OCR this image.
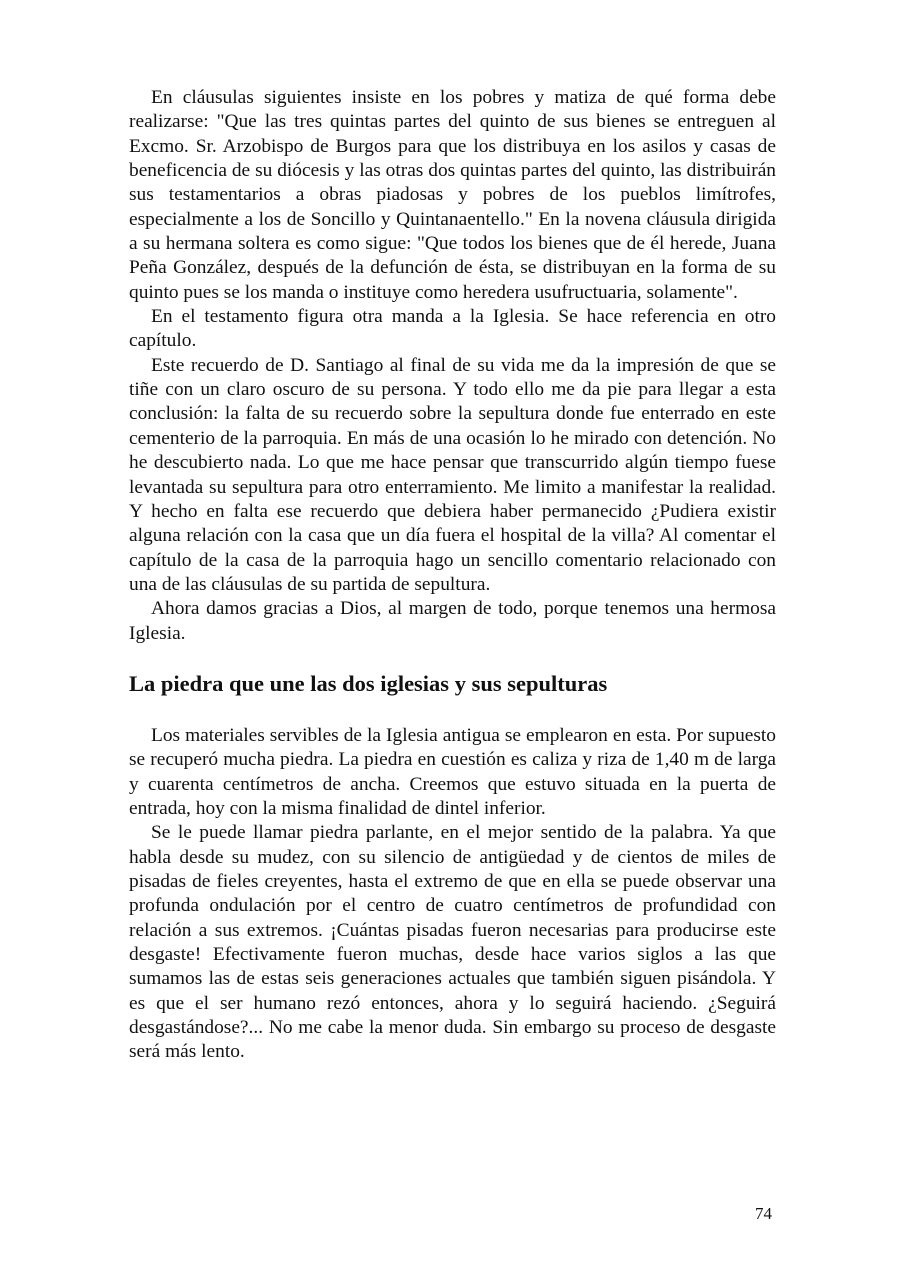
En cláusulas siguientes insiste en los pobres y matiza de qué forma debe realizarse: "Que las tres quintas partes del quinto de sus bienes se entreguen al Excmo. Sr. Arzobispo de Burgos para que los distribuya en los asilos y casas de beneficencia de su diócesis y las otras dos quintas partes del quinto, las distribuirán sus testamentarios a obras piadosas y pobres de los pueblos limítrofes, especialmente a los de Soncillo y Quintanaentello." En la novena cláusula dirigida a su hermana soltera es como sigue: "Que todos los bienes que de él herede, Juana Peña González, después de la defunción de ésta, se distribuyan en la forma de su quinto pues se los manda o instituye como heredera usufructuaria, solamente".

En el testamento figura otra manda a la Iglesia. Se hace referencia en otro capítulo.

Este recuerdo de D. Santiago al final de su vida me da la impresión de que se tiñe con un claro oscuro de su persona. Y todo ello me da pie para llegar a esta conclusión: la falta de su recuerdo sobre la sepultura donde fue enterrado en este cementerio de la parroquia. En más de una ocasión lo he mirado con detención. No he descubierto nada. Lo que me hace pensar que transcurrido algún tiempo fuese levantada su sepultura para otro enterramiento. Me limito a manifestar la realidad. Y hecho en falta ese recuerdo que debiera haber permanecido ¿Pudiera existir alguna relación con la casa que un día fuera el hospital de la villa? Al comentar el capítulo de la casa de la parroquia hago un sencillo comentario relacionado con una de las cláusulas de su partida de sepultura.

Ahora damos gracias a Dios, al margen de todo, porque tenemos una hermosa Iglesia.

La piedra que une las dos iglesias y sus sepulturas

Los materiales servibles de la Iglesia antigua se emplearon en esta. Por supuesto se recuperó mucha piedra. La piedra en cuestión es caliza y riza de 1,40 m de larga y cuarenta centímetros de ancha. Creemos que estuvo situada en la puerta de entrada, hoy con la misma finalidad de dintel inferior.

Se le puede llamar piedra parlante, en el mejor sentido de la palabra. Ya que habla desde su mudez, con su silencio de antigüedad y de cientos de miles de pisadas de fieles creyentes, hasta el extremo de que en ella se puede observar una profunda ondulación por el centro de cuatro centímetros de profundidad con relación a sus extremos. ¡Cuántas pisadas fueron necesarias para producirse este desgaste! Efectivamente fueron muchas, desde hace varios siglos a las que sumamos las de estas seis generaciones actuales que también siguen pisándola. Y es que el ser humano rezó entonces, ahora y lo seguirá haciendo. ¿Seguirá desgastándose?... No me cabe la menor duda. Sin embargo su proceso de desgaste será más lento.

74
